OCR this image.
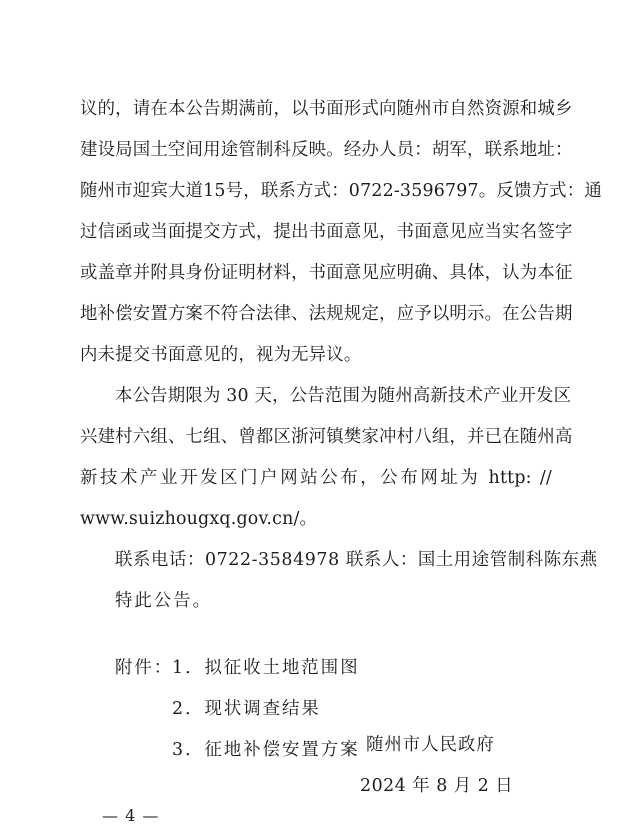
议的，请在本公告期满前，以书面形式向随州市自然资源和城乡
建设局国土空间用途管制科反映。经办人员：胡军，联系地址：
随州市迎宾大道15号，联系方式：0722-3596797。反馈方式：通
过信函或当面提交方式，提出书面意见，书面意见应当实名签字
或盖章并附具身份证明材料，书面意见应明确、具体，认为本征
地补偿安置方案不符合法律、法规规定，应予以明示。在公告期
内未提交书面意见的，视为无异议。
本公告期限为 30 天，公告范围为随州高新技术产业开发区
兴建村六组、七组、曾都区浙河镇樊家冲村八组，并已在随州高
新技术产业开发区门户网站公布，公布网址为 http: //
www.suizhougxq.gov.cn/。
联系电话：0722-3584978 联系人：国土用途管制科陈东燕
特此公告。
附件：
1．拟征收土地范围图
2．现状调查结果
3．征地补偿安置方案 随州市人民政府
2024 年 8 月 2 日
— 4 —
